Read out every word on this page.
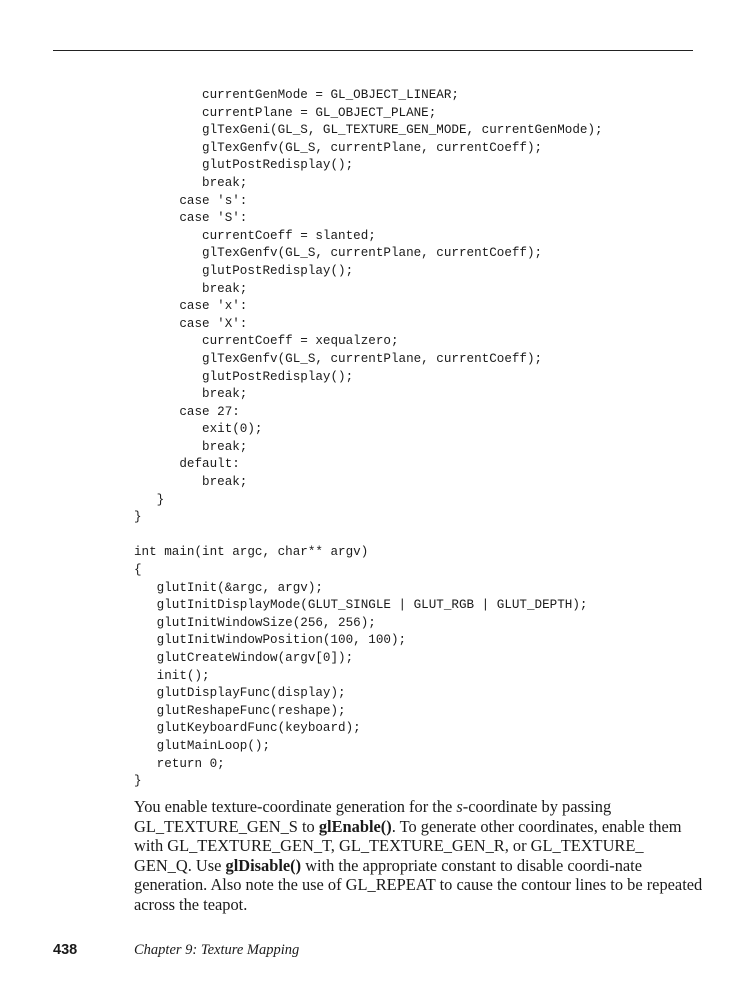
currentGenMode = GL_OBJECT_LINEAR;
currentPlane = GL_OBJECT_PLANE;
glTexGeni(GL_S, GL_TEXTURE_GEN_MODE, currentGenMode);
glTexGenfv(GL_S, currentPlane, currentCoeff);
glutPostRedisplay();
break;
case 's':
case 'S':
currentCoeff = slanted;
glTexGenfv(GL_S, currentPlane, currentCoeff);
glutPostRedisplay();
break;
case 'x':
case 'X':
currentCoeff = xequalzero;
glTexGenfv(GL_S, currentPlane, currentCoeff);
glutPostRedisplay();
break;
case 27:
exit(0);
break;
default:
break;
}
}
int main(int argc, char** argv)
{
glutInit(&argc, argv);
glutInitDisplayMode(GLUT_SINGLE | GLUT_RGB | GLUT_DEPTH);
glutInitWindowSize(256, 256);
glutInitWindowPosition(100, 100);
glutCreateWindow(argv[0]);
init();
glutDisplayFunc(display);
glutReshapeFunc(reshape);
glutKeyboardFunc(keyboard);
glutMainLoop();
return 0;
}

You enable texture-coordinate generation for the s-coordinate by passing GL_TEXTURE_GEN_S to glEnable(). To generate other coordinates, enable them with GL_TEXTURE_GEN_T, GL_TEXTURE_GEN_R, or GL_TEXTURE_ GEN_Q. Use glDisable() with the appropriate constant to disable coordi-nate generation. Also note the use of GL_REPEAT to cause the contour lines to be repeated across the teapot.

438	Chapter 9: Texture Mapping
